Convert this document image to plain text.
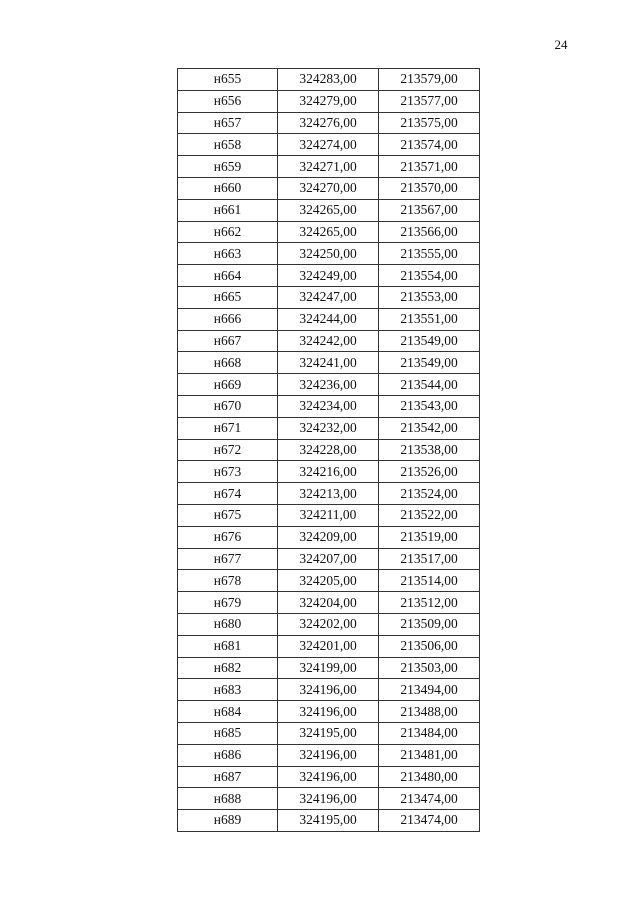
24
н655	324283,00	213579,00
н656	324279,00	213577,00
н657	324276,00	213575,00
н658	324274,00	213574,00
н659	324271,00	213571,00
н660	324270,00	213570,00
н661	324265,00	213567,00
н662	324265,00	213566,00
н663	324250,00	213555,00
н664	324249,00	213554,00
н665	324247,00	213553,00
н666	324244,00	213551,00
н667	324242,00	213549,00
н668	324241,00	213549,00
н669	324236,00	213544,00
н670	324234,00	213543,00
н671	324232,00	213542,00
н672	324228,00	213538,00
н673	324216,00	213526,00
н674	324213,00	213524,00
н675	324211,00	213522,00
н676	324209,00	213519,00
н677	324207,00	213517,00
н678	324205,00	213514,00
н679	324204,00	213512,00
н680	324202,00	213509,00
н681	324201,00	213506,00
н682	324199,00	213503,00
н683	324196,00	213494,00
н684	324196,00	213488,00
н685	324195,00	213484,00
н686	324196,00	213481,00
н687	324196,00	213480,00
н688	324196,00	213474,00
н689	324195,00	213474,00
